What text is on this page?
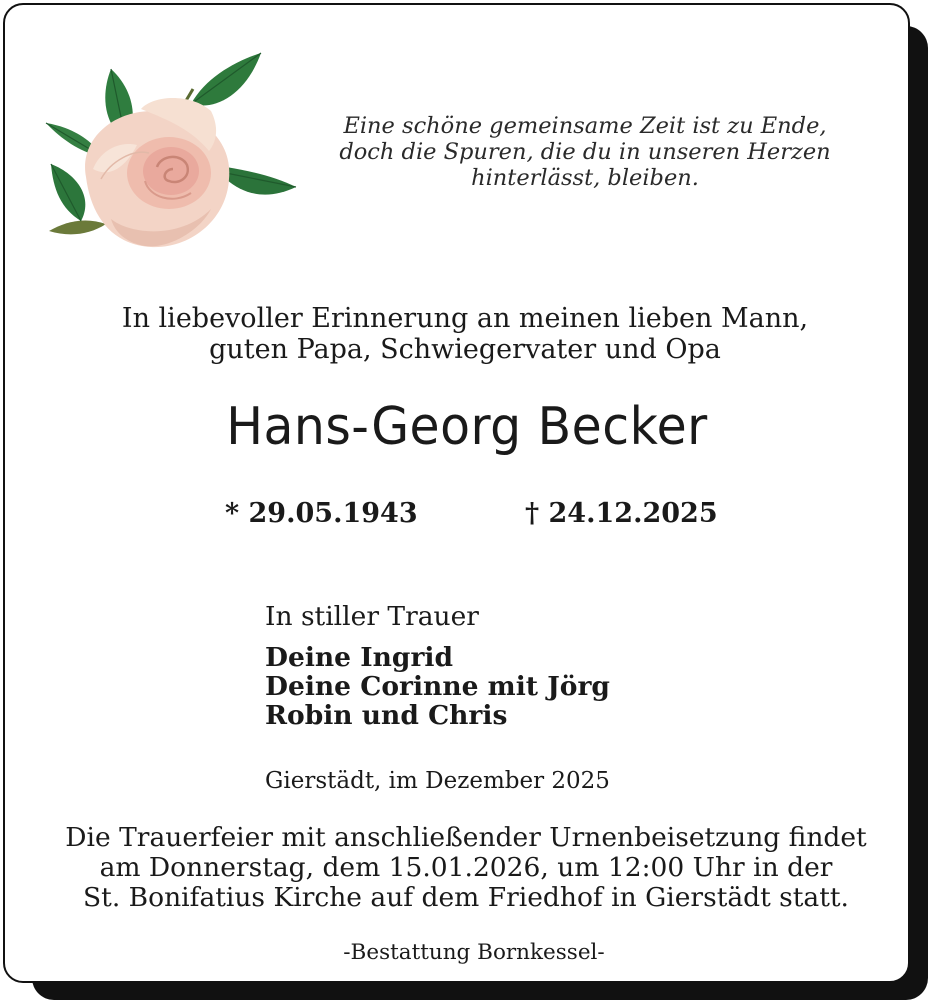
Eine schöne gemeinsame Zeit ist zu Ende,
doch die Spuren, die du in unseren Herzen
hinterlässt, bleiben.
In liebevoller Erinnerung an meinen lieben Mann,
guten Papa, Schwiegervater und Opa
Hans-Georg Becker
* 29.05.1943	† 24.12.2025
In stiller Trauer
Deine Ingrid
Deine Corinne mit Jörg
Robin und Chris
Gierstädt, im Dezember 2025
Die Trauerfeier mit anschließender Urnenbeisetzung findet
am Donnerstag, dem 15.01.2026, um 12:00 Uhr in der
St. Bonifatius Kirche auf dem Friedhof in Gierstädt statt.
-Bestattung Bornkessel-
